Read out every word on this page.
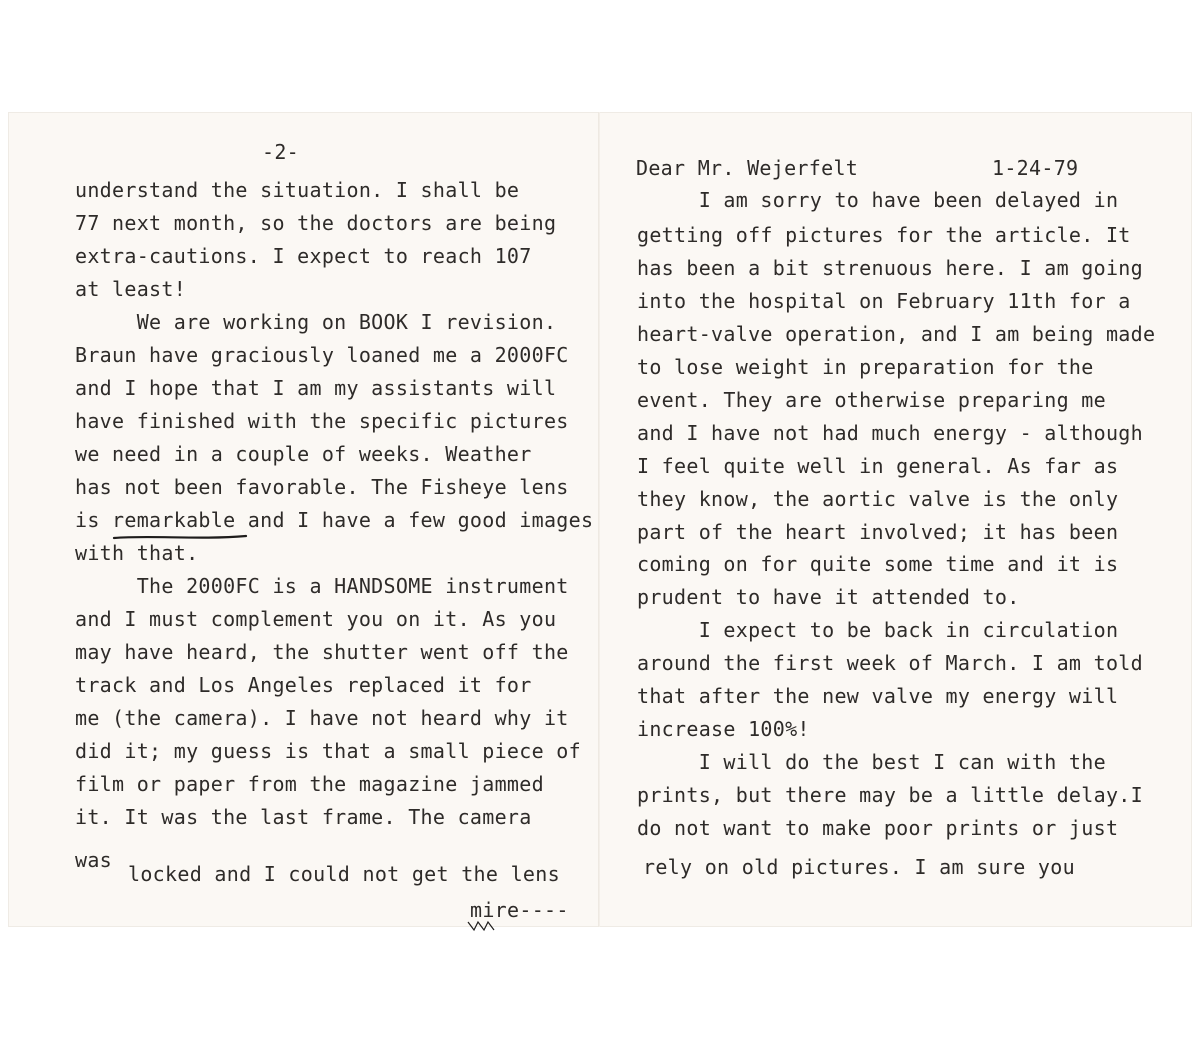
-2-

understand the situation. I shall be

77 next month, so the doctors are being

extra-cautions. I expect to reach 107

at least!

We are working on BOOK I revision.

Braun have graciously loaned me a 2000FC

and I hope that I am my assistants will

have finished with the specific pictures

we need in a couple of weeks. Weather

has not been favorable. The Fisheye lens

is remarkable and I have a few good images

with that.

The 2000FC is a HANDSOME instrument

and I must complement you on it. As you

may have heard, the shutter went off the

track and Los Angeles replaced it for

me (the camera). I have not heard why it

did it; my guess is that a small piece of

film or paper from the magazine jammed

it. It was the last frame. The camera

was

locked and I could not get the lens

mire----

Dear Mr. Wejerfelt	1-24-79

I am sorry to have been delayed in

getting off pictures for the article. It

has been a bit strenuous here. I am going

into the hospital on February 11th for a

heart-valve operation, and I am being made

to lose weight in preparation for the

event. They are otherwise preparing me

and I have not had much energy - although

I feel quite well in general. As far as

they know, the aortic valve is the only

part of the heart involved; it has been

coming on for quite some time and it is

prudent to have it attended to.

I expect to be back in circulation

around the first week of March. I am told

that after the new valve my energy will

increase 100%!

I will do the best I can with the

prints, but there may be a little delay.I

do not want to make poor prints or just

rely on old pictures. I am sure you
